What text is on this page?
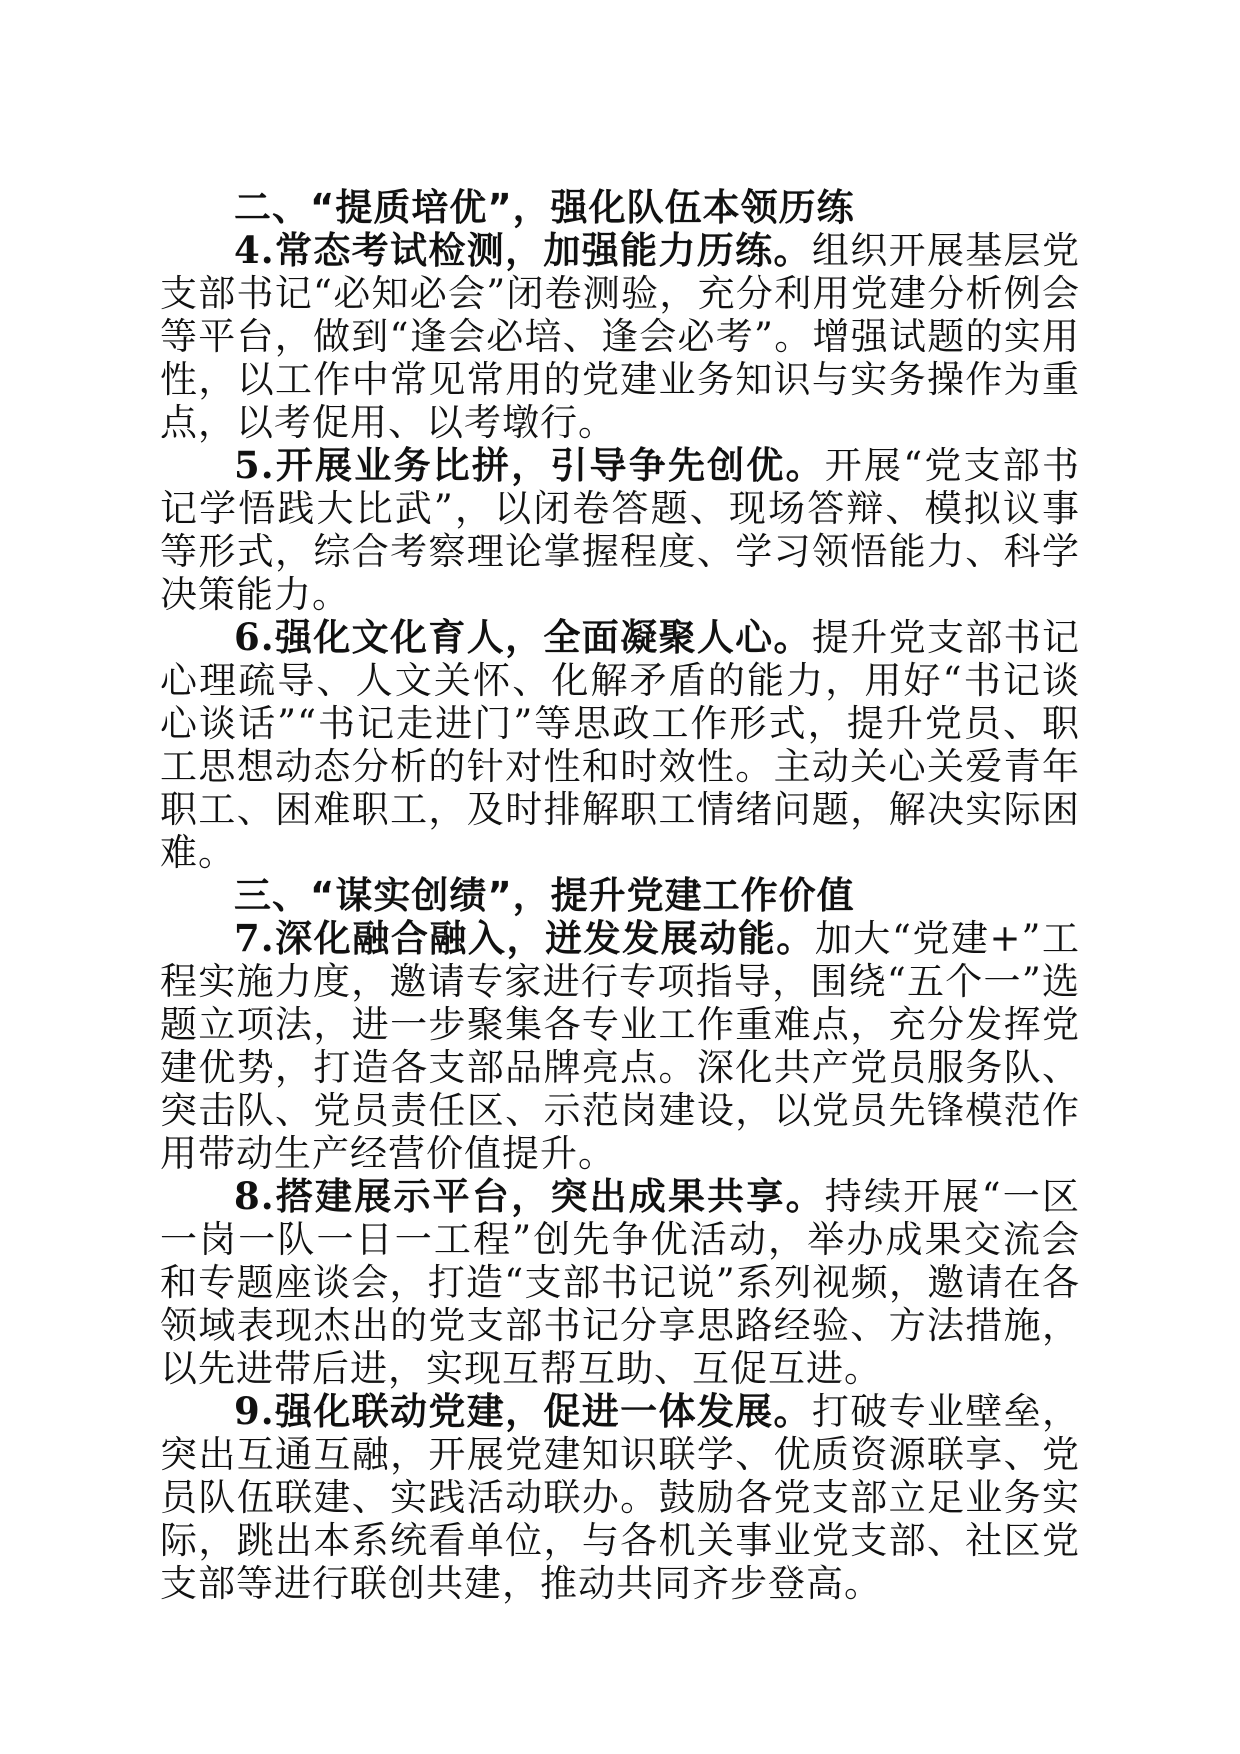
二、“提质培优”，强化队伍本领历练

4.常态考试检测，加强能力历练。组织开展基层党支部书记“必知必会”闭卷测验，充分利用党建分析例会等平台，做到“逢会必培、逢会必考”。增强试题的实用性，以工作中常见常用的党建业务知识与实务操作为重点，以考促用、以考墩行。

5.开展业务比拼，引导争先创优。开展“党支部书记学悟践大比武”，以闭卷答题、现场答辩、模拟议事等形式，综合考察理论掌握程度、学习领悟能力、科学决策能力。

6.强化文化育人，全面凝聚人心。提升党支部书记心理疏导、人文关怀、化解矛盾的能力，用好“书记谈心谈话”“书记走进门”等思政工作形式，提升党员、职工思想动态分析的针对性和时效性。主动关心关爱青年职工、困难职工，及时排解职工情绪问题，解决实际困难。

三、“谋实创绩”，提升党建工作价值

7.深化融合融入，迸发发展动能。加大“党建+”工程实施力度，邀请专家进行专项指导，围绕“五个一”选题立项法，进一步聚集各专业工作重难点，充分发挥党建优势，打造各支部品牌亮点。深化共产党员服务队、突击队、党员责任区、示范岗建设，以党员先锋模范作用带动生产经营价值提升。

8.搭建展示平台，突出成果共享。持续开展“一区一岗一队一日一工程”创先争优活动，举办成果交流会和专题座谈会，打造“支部书记说”系列视频，邀请在各领域表现杰出的党支部书记分享思路经验、方法措施，以先进带后进，实现互帮互助、互促互进。

9.强化联动党建，促进一体发展。打破专业壁垒，突出互通互融，开展党建知识联学、优质资源联享、党员队伍联建、实践活动联办。鼓励各党支部立足业务实际，跳出本系统看单位，与各机关事业党支部、社区党支部等进行联创共建，推动共同齐步登高。
